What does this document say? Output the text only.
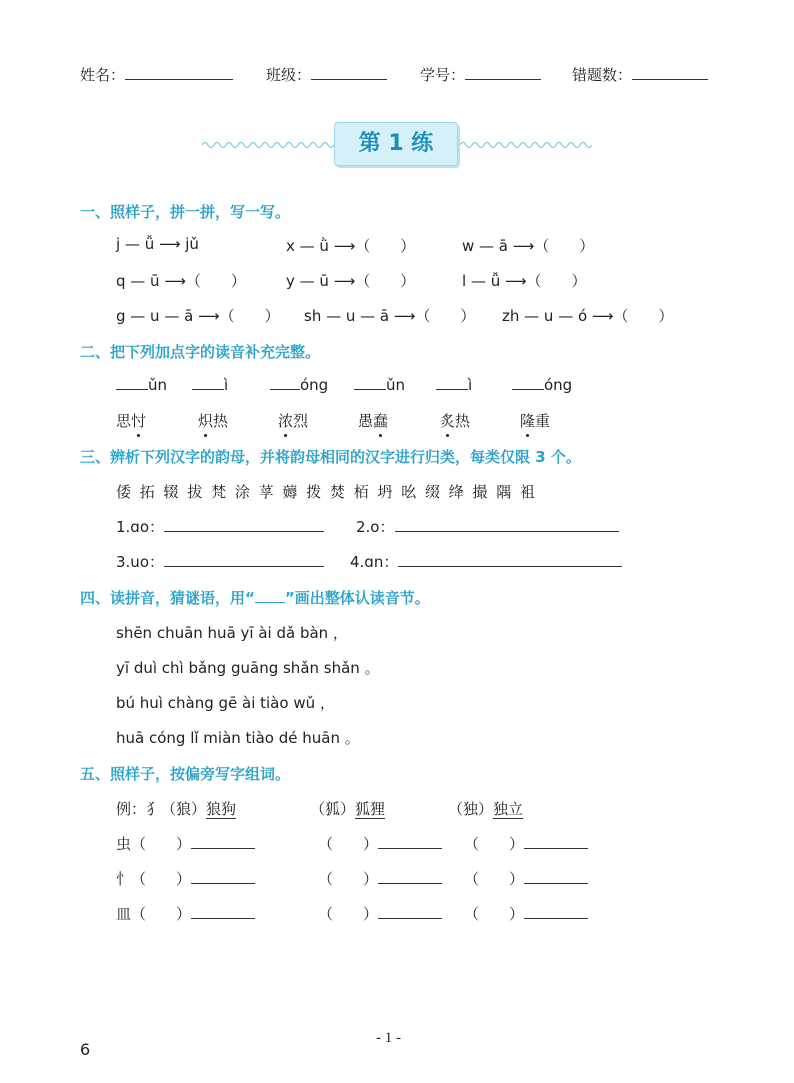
姓名：	班级：	学号：	错题数：
第 1 练
一、照样子，拼一拼，写一写。
j — ǚ ⟶ jǔ	x — ǜ ⟶（　　）	w — ā ⟶（　　）
q — ū ⟶（　　）	y — ū ⟶（　　）	l — ǚ ⟶（　　）
g — u — ā ⟶（　　） sh — u — ā ⟶（　　） zh — u — ó ⟶（　　）
二、把下列加点字的读音补充完整。
ǔn	ì	óng	ǔn	ì	óng
思忖	炽热	浓烈	愚蠢	炙热	隆重
三、辨析下列汉字的韵母，并将韵母相同的汉字进行归类，每类仅限 3 个。
倭 拓 辍 拔 梵 涂 莩 薅 拨 焚 栢 坍 吆 缀 绛 撮 隅 袓
1.ɑo：	2.o：
3.uo：	4.ɑn：
四、读拼音，猜谜语，用“ ”画出整体认读音节。
shēn chuān huā yī ài dǎ bàn ，
yī duì chì bǎng guāng shǎn shǎn 。
bú huì chàng gē ài tiào wǔ ，
huā cóng lǐ miàn tiào dé huān 。
五、照样子，按偏旁写字组词。
例：犭（狼）狼狗	（狐）狐狸	（独）独立
虫（　　）	（　　）	（　　）
忄（　　）	（　　）	（　　）
皿（　　）	（　　）	（　　）
- 1 -
6
